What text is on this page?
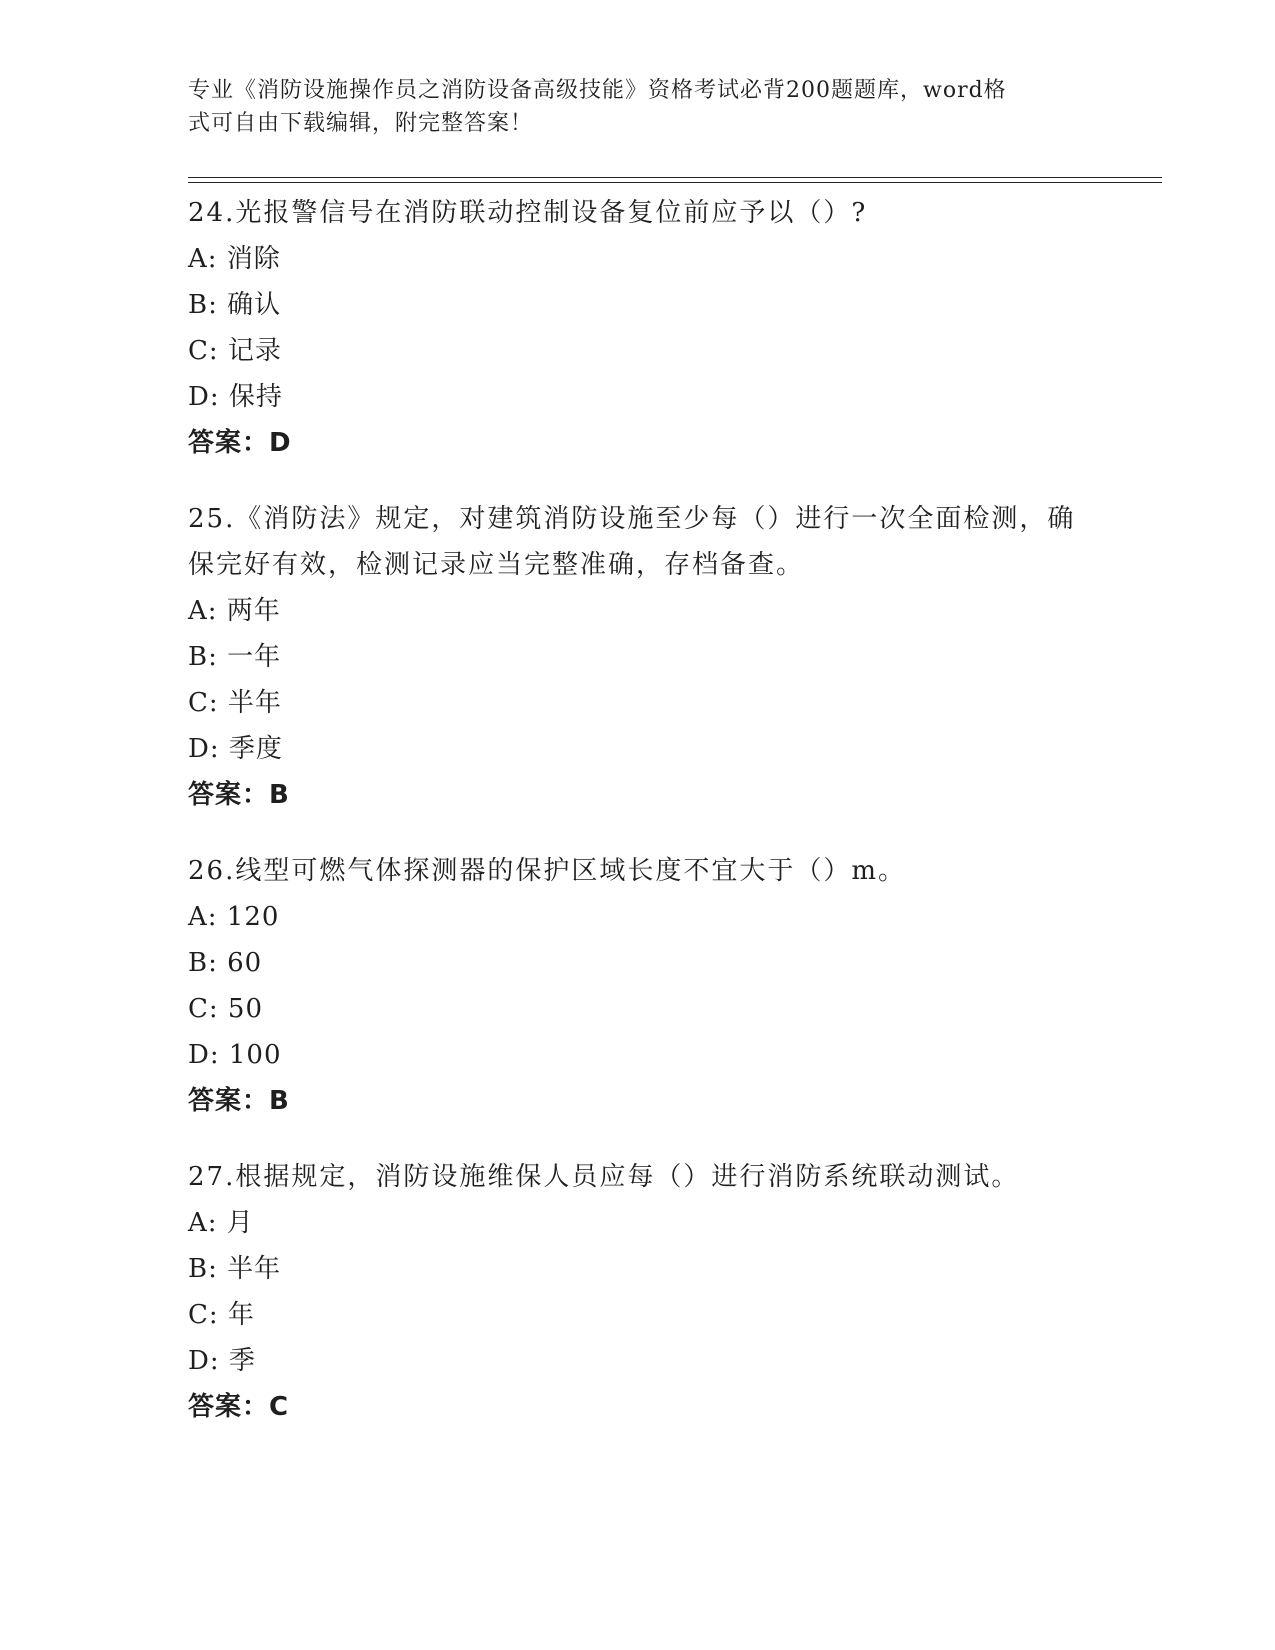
专业《消防设施操作员之消防设备高级技能》资格考试必背200题题库，word格
式可自由下载编辑，附完整答案！

24.光报警信号在消防联动控制设备复位前应予以（）?

A: 消除

B: 确认

C: 记录

D: 保持

答案：D

25.《消防法》规定，对建筑消防设施至少每（）进行一次全面检测，确保完好有效，检测记录应当完整准确，存档备查。

A: 两年

B: 一年

C: 半年

D: 季度

答案：B

26.线型可燃气体探测器的保护区域长度不宜大于（）m。

A: 120

B: 60

C: 50

D: 100

答案：B

27.根据规定，消防设施维保人员应每（）进行消防系统联动测试。

A: 月

B: 半年

C: 年

D: 季

答案：C
